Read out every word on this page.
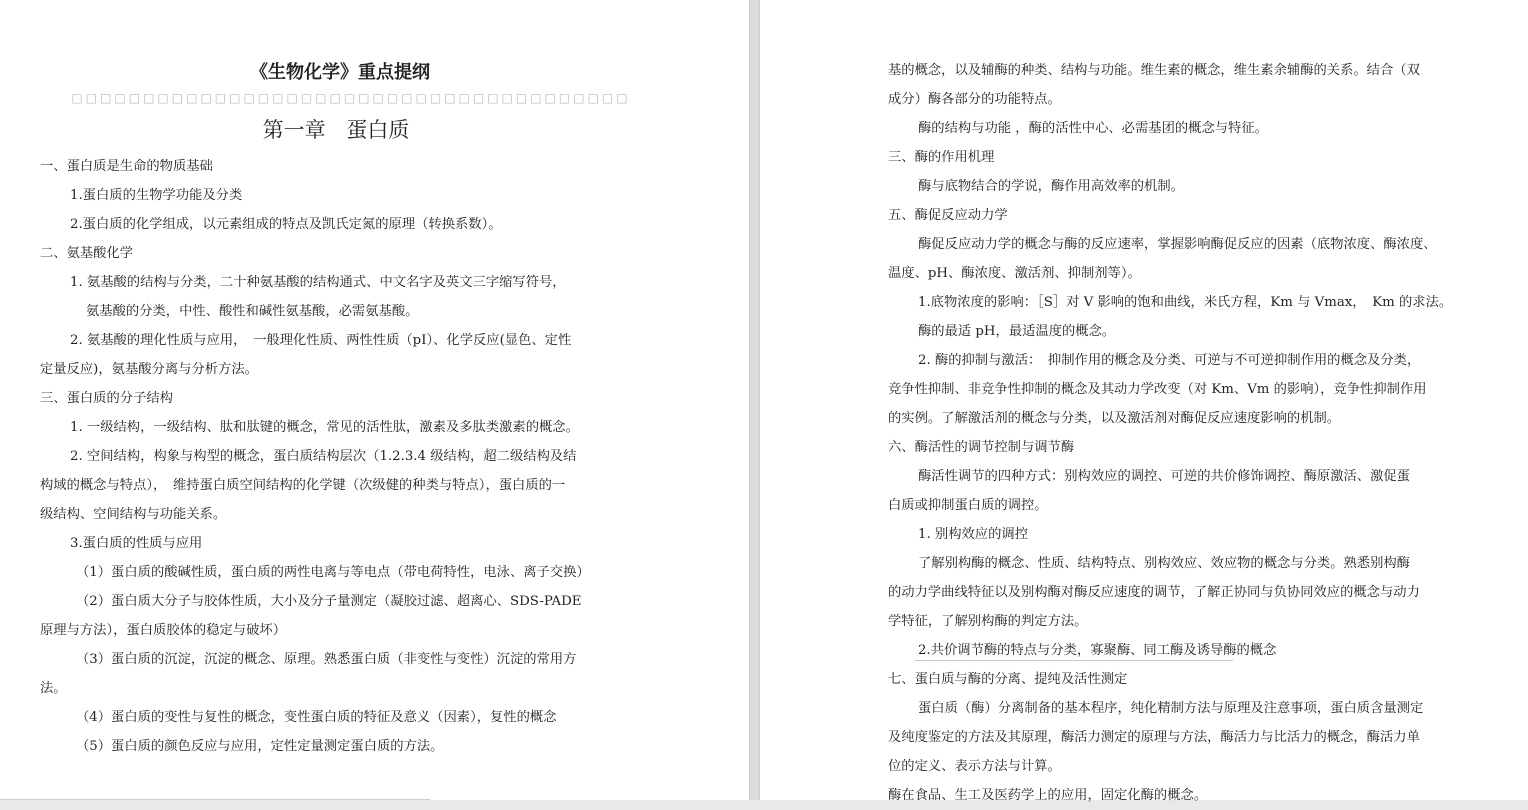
《生物化学》重点提纲
□□□□□□□□□□□□□□□□□□□□□□□□□□□□□□□□□□□□□□□
第一章 蛋白质
一、蛋白质是生命的物质基础
1.蛋白质的生物学功能及分类
2.蛋白质的化学组成，以元素组成的特点及凯氏定氮的原理（转换系数）。
二、氨基酸化学
1. 氨基酸的结构与分类，二十种氨基酸的结构通式、中文名字及英文三字缩写符号，
氨基酸的分类，中性、酸性和碱性氨基酸，必需氨基酸。
2. 氨基酸的理化性质与应用，　一般理化性质、两性性质（pI）、化学反应(显色、定性
定量反应)，氨基酸分离与分析方法。
三、蛋白质的分子结构
1. 一级结构，一级结构、肽和肽键的概念，常见的活性肽，激素及多肽类激素的概念。
2. 空间结构，构象与构型的概念，蛋白质结构层次（1.2.3.4 级结构，超二级结构及结
构域的概念与特点），　维持蛋白质空间结构的化学键（次级健的种类与特点），蛋白质的一
级结构、空间结构与功能关系。
3.蛋白质的性质与应用
（1）蛋白质的酸碱性质，蛋白质的两性电离与等电点（带电荷特性，电泳、离子交换）
（2）蛋白质大分子与胶体性质，大小及分子量测定（凝胶过滤、超离心、SDS-PADE
原理与方法），蛋白质胶体的稳定与破坏）
（3）蛋白质的沉淀，沉淀的概念、原理。熟悉蛋白质（非变性与变性）沉淀的常用方
法。
（4）蛋白质的变性与复性的概念，变性蛋白质的特征及意义（因素），复性的概念
（5）蛋白质的颜色反应与应用，定性定量测定蛋白质的方法。
基的概念，以及辅酶的种类、结构与功能。维生素的概念，维生素余辅酶的关系。结合（双
成分）酶各部分的功能特点。
酶的结构与功能 ，酶的活性中心、必需基团的概念与特征。
三、酶的作用机理
酶与底物结合的学说，酶作用高效率的机制。
五、酶促反应动力学
酶促反应动力学的概念与酶的反应速率，掌握影响酶促反应的因素（底物浓度、酶浓度、
温度、pH、酶浓度、激活剂、抑制剂等）。
1.底物浓度的影响：［S］对 V 影响的饱和曲线，米氏方程，Km 与 Vmax，　Km 的求法。
酶的最适 pH，最适温度的概念。
2. 酶的抑制与激活：　抑制作用的概念及分类、可逆与不可逆抑制作用的概念及分类，
竞争性抑制、非竞争性抑制的概念及其动力学改变（对 Km、Vm 的影响），竞争性抑制作用
的实例。了解激活剂的概念与分类，以及激活剂对酶促反应速度影响的机制。
六、酶活性的调节控制与调节酶
酶活性调节的四种方式：别构效应的调控、可逆的共价修饰调控、酶原激活、激促蛋
白质或抑制蛋白质的调控。
1. 别构效应的调控
了解别构酶的概念、性质、结构特点、别构效应、效应物的概念与分类。熟悉别构酶
的动力学曲线特征以及别构酶对酶反应速度的调节，了解正协同与负协同效应的概念与动力
学特征，了解别构酶的判定方法。
2.共价调节酶的特点与分类，寡聚酶、同工酶及诱导酶的概念
七、蛋白质与酶的分离、提纯及活性测定
蛋白质（酶）分离制备的基本程序，纯化精制方法与原理及注意事项，蛋白质含量测定
及纯度鉴定的方法及其原理，酶活力测定的原理与方法，酶活力与比活力的概念，酶活力单
位的定义、表示方法与计算。
酶在食品、生工及医药学上的应用，固定化酶的概念。
